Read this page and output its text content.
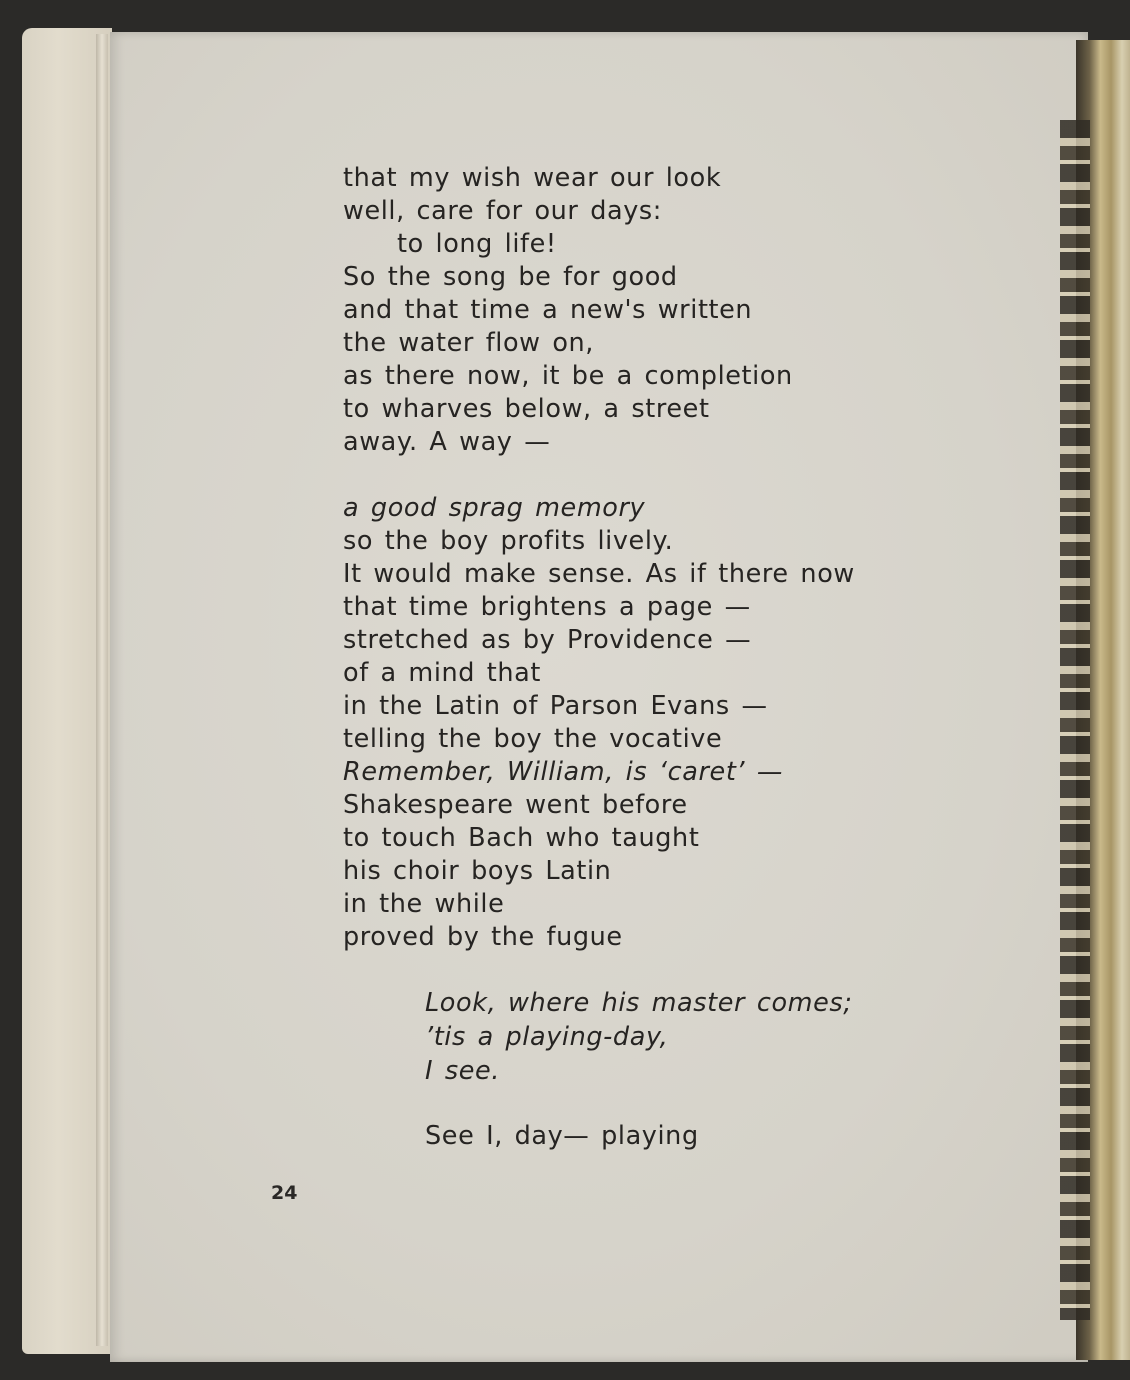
that my wish wear our look
well, care for our days:
to long life!
So the song be for good
and that time a new's written
the water flow on,
as there now, it be a completion
to wharves below, a street
away. A way —
a good sprag memory
so the boy profits lively.
It would make sense. As if there now
that time brightens a page —
stretched as by Providence —
of a mind that
in the Latin of Parson Evans —
telling the boy the vocative
Remember, William, is ‘caret’ —
Shakespeare went before
to touch Bach who taught
his choir boys Latin
in the while
proved by the fugue
Look, where his master comes;
’tis a playing-day,
I see.
See I, day— playing
24
